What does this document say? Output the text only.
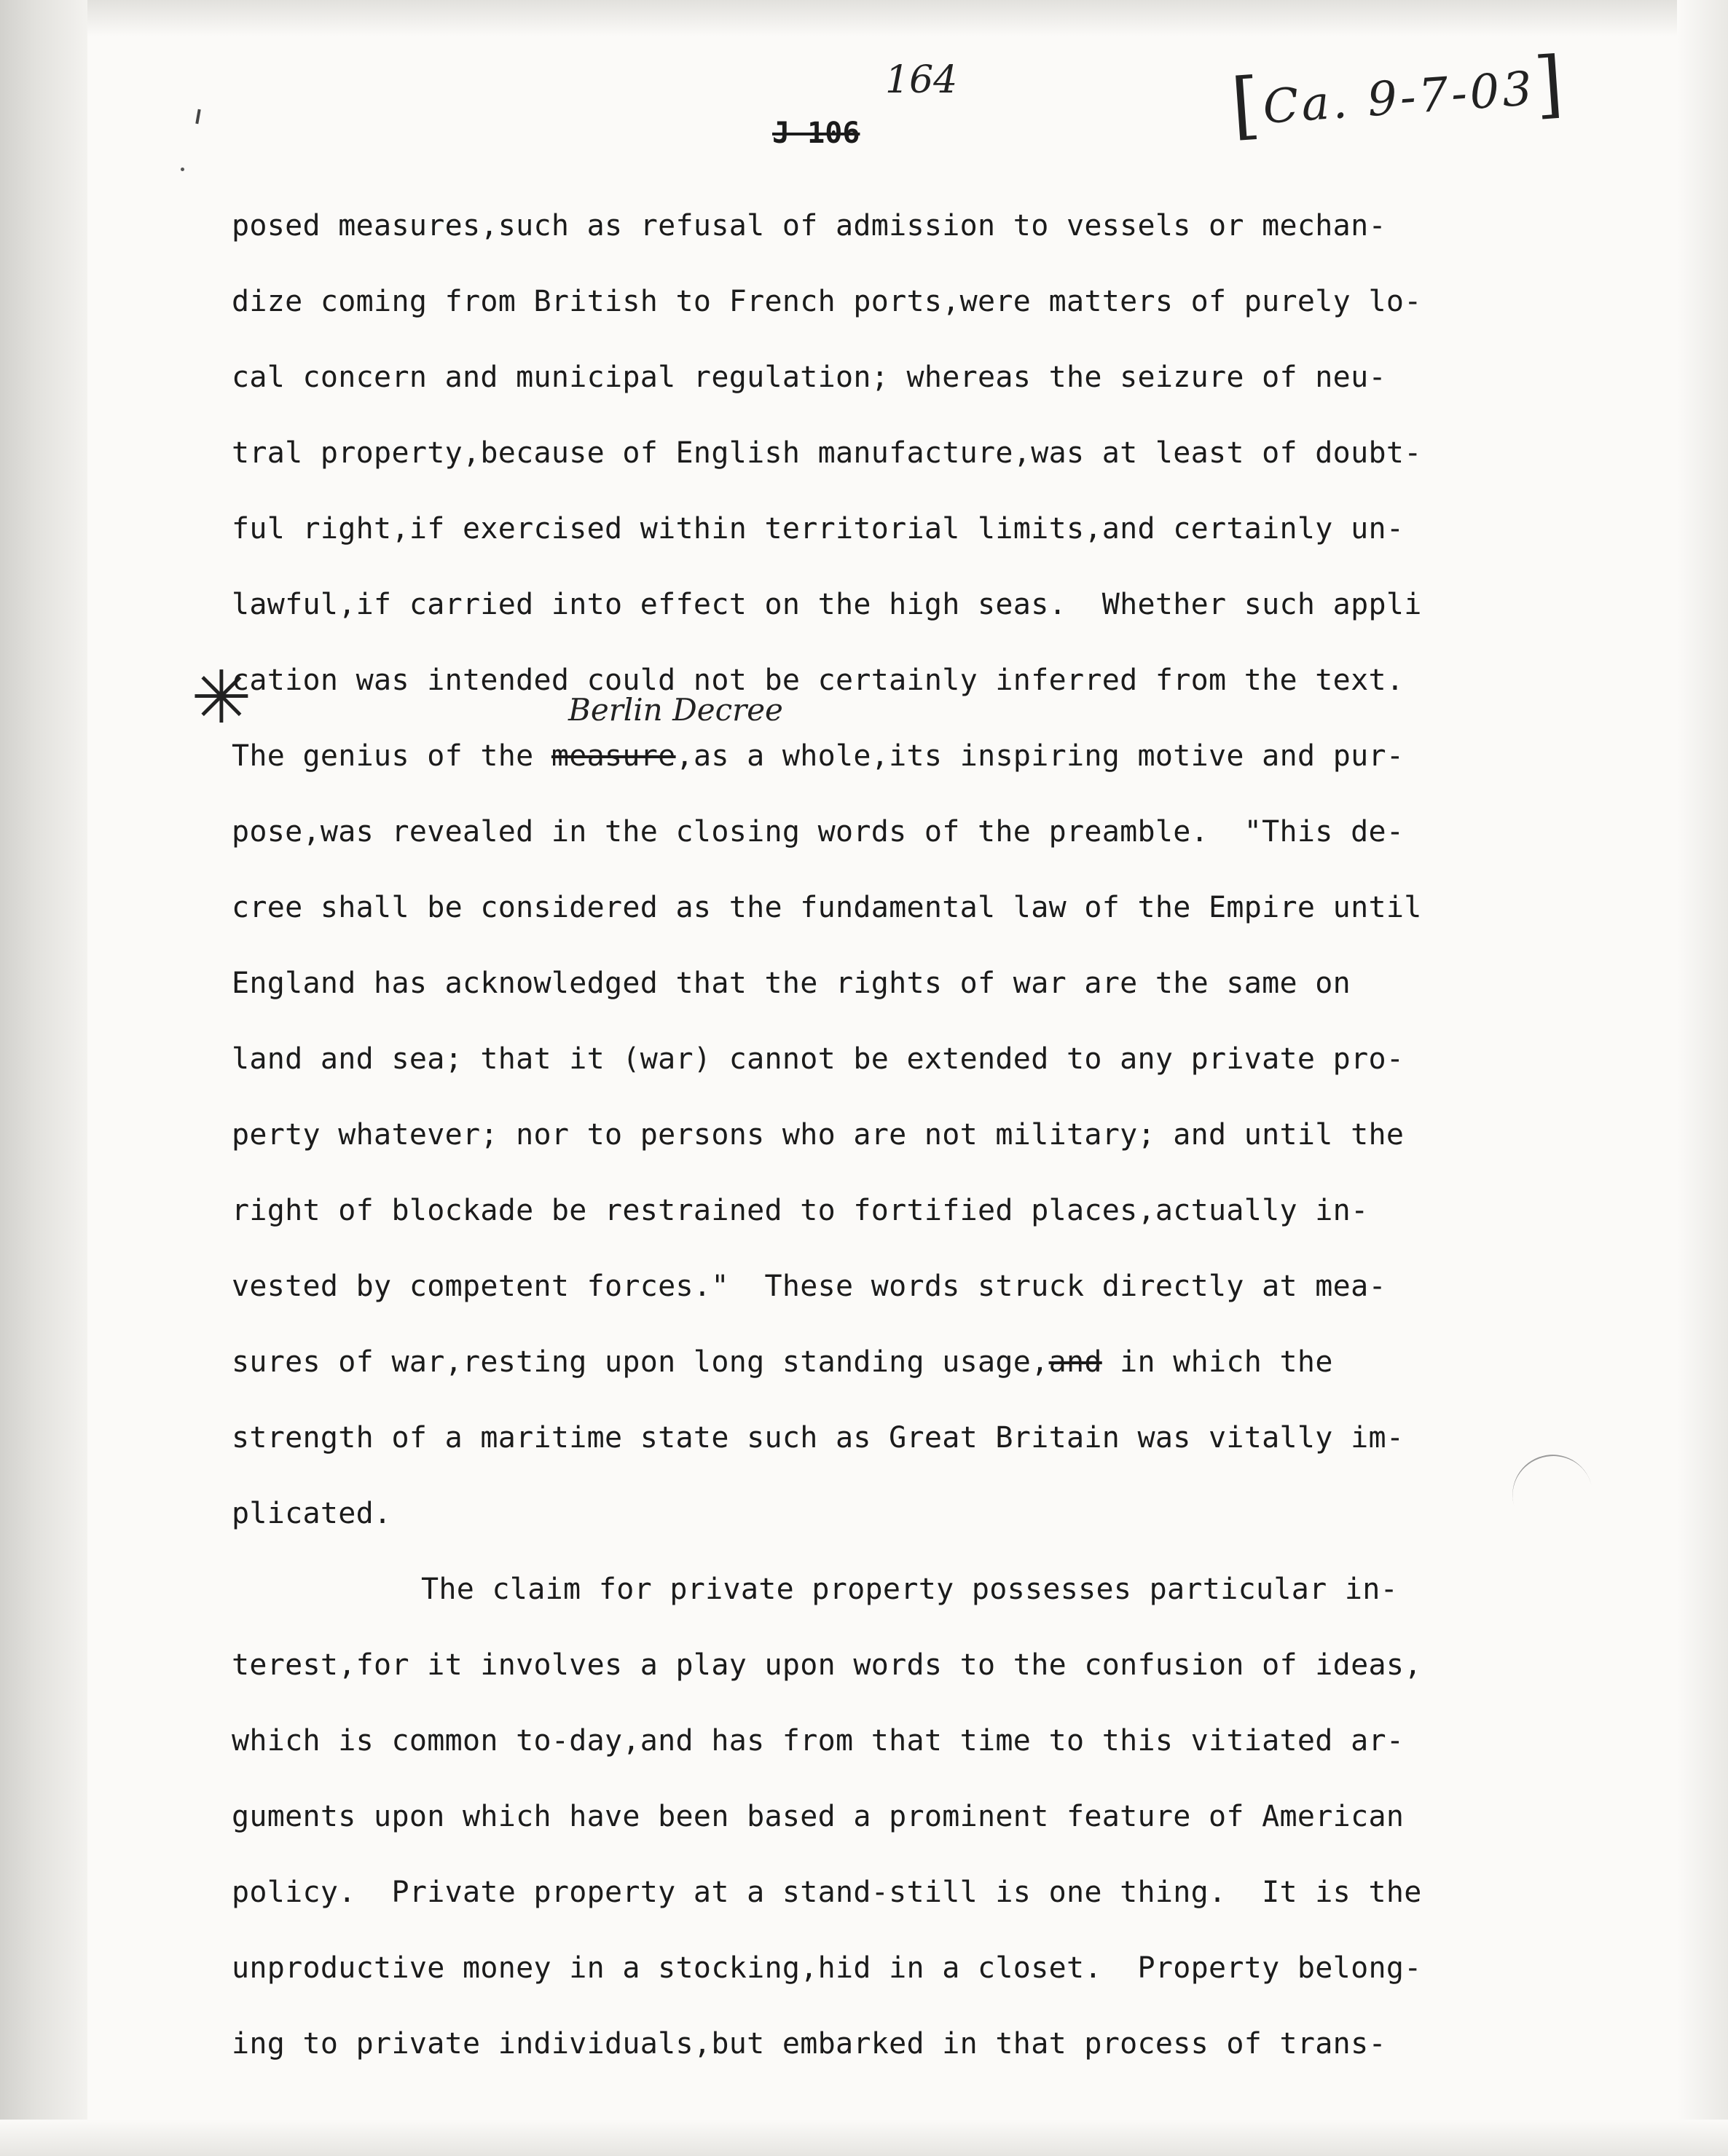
164	[Ca. 9-7-03]
J 106
✳	Berlin Decree
posed measures,such as refusal of admission to vessels or mechan-
dize coming from British to French ports,were matters of purely lo-
cal concern and municipal regulation; whereas the seizure of neu-
tral property,because of English manufacture,was at least of doubt-
ful right,if exercised within territorial limits,and certainly un-
lawful,if carried into effect on the high seas.  Whether such appli
cation was intended could not be certainly inferred from the text.
The genius of the measure,as a whole,its inspiring motive and pur-
pose,was revealed in the closing words of the preamble.  "This de-
cree shall be considered as the fundamental law of the Empire until
England has acknowledged that the rights of war are the same on
land and sea; that it (war) cannot be extended to any private pro-
perty whatever; nor to persons who are not military; and until the
right of blockade be restrained to fortified places,actually in-
vested by competent forces."  These words struck directly at mea-
sures of war,resting upon long standing usage,and in which the
strength of a maritime state such as Great Britain was vitally im-
plicated.
The claim for private property possesses particular in-
terest,for it involves a play upon words to the confusion of ideas,
which is common to-day,and has from that time to this vitiated ar-
guments upon which have been based a prominent feature of American
policy.  Private property at a stand-still is one thing.  It is the
unproductive money in a stocking,hid in a closet.  Property belong-
ing to private individuals,but embarked in that process of trans-
